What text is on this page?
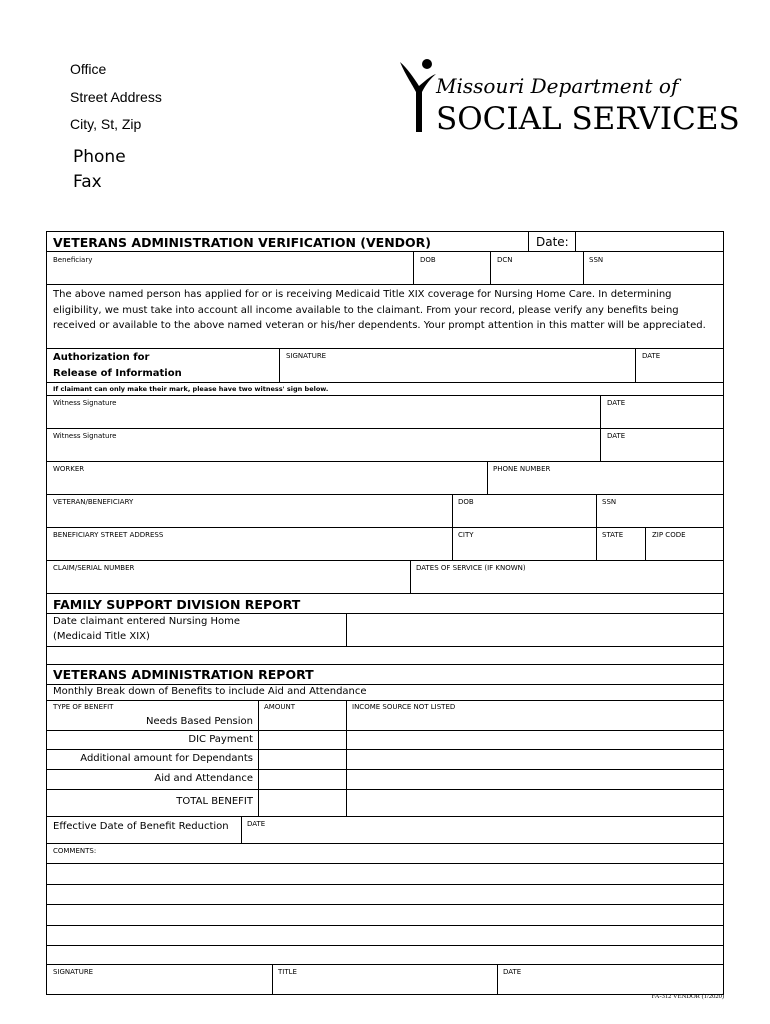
Office
Street Address
City, St, Zip
Phone
Fax
Missouri Department of
SOCIAL SERVICES
VETERANS ADMINISTRATION VERIFICATION (VENDOR)	Date:
Beneficiary	DOB	DCN	SSN
The above named person has applied for or is receiving Medicaid Title XIX coverage for Nursing Home Care. In determining eligibility, we must take into account all income available to the claimant. From your record, please verify any benefits being received or available to the above named veteran or his/her dependents. Your prompt attention in this matter will be appreciated.
Authorization for
Release of Information
SIGNATURE	DATE
If claimant can only make their mark, please have two witness' sign below.
Witness Signature	DATE
Witness Signature	DATE
WORKER	PHONE NUMBER
VETERAN/BENEFICIARY	DOB	SSN
BENEFICIARY STREET ADDRESS	CITY	STATE	ZIP CODE
CLAIM/SERIAL NUMBER	DATES OF SERVICE (IF KNOWN)
FAMILY SUPPORT DIVISION REPORT
Date claimant entered Nursing Home
(Medicaid Title XIX)
VETERANS ADMINISTRATION REPORT
Monthly Break down of Benefits to include Aid and Attendance
TYPE OF BENEFIT	AMOUNT	INCOME SOURCE NOT LISTED
Needs Based Pension
DIC Payment
Additional amount for Dependants
Aid and Attendance
TOTAL BENEFIT
Effective Date of Benefit Reduction	DATE
COMMENTS:
SIGNATURE	TITLE	DATE
FA-312 VENDOR (1/2020)
